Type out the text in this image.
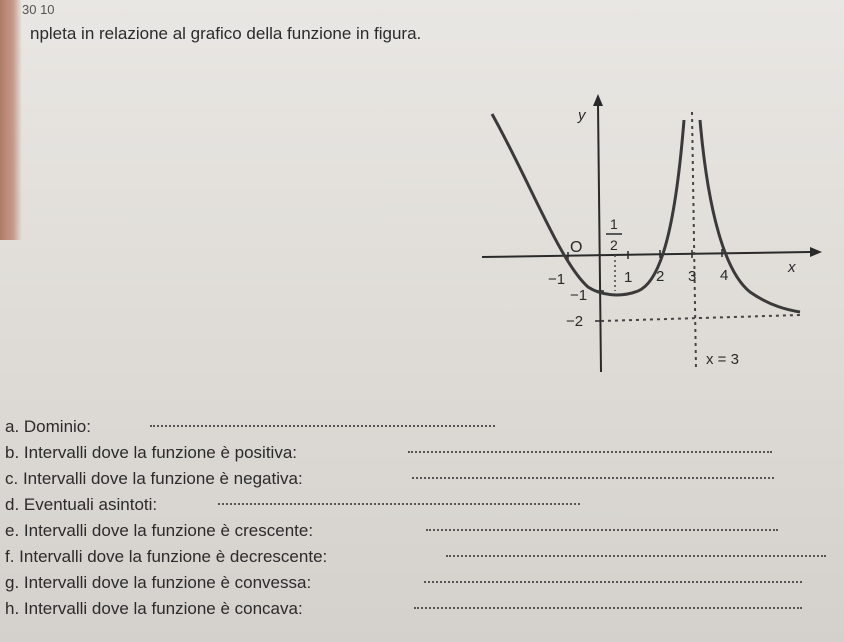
30 10
npleta in relazione al grafico della funzione in figura.
y
x
O
1
2
−1
−1
−2
1 2 3 4
x = 3
a. Dominio:
b. Intervalli dove la funzione è positiva:
c. Intervalli dove la funzione è negativa:
d. Eventuali asintoti:
e. Intervalli dove la funzione è crescente:
f. Intervalli dove la funzione è decrescente:
g. Intervalli dove la funzione è convessa:
h. Intervalli dove la funzione è concava:
